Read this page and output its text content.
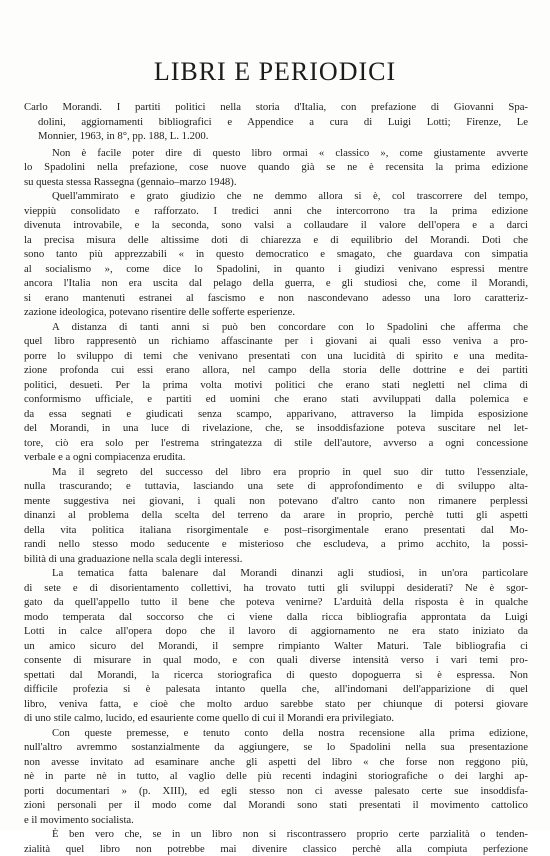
LIBRI E PERIODICI
Carlo Morandi. I partiti politici nella storia d'Italia, con prefazione di Giovanni Spa-
dolini, aggiornamenti bibliografici e Appendice a cura di Luigi Lotti; Firenze, Le
Monnier, 1963, in 8°, pp. 188, L. 1.200.
Non è facile poter dire di questo libro ormai « classico », come giustamente avverte
lo Spadolini nella prefazione, cose nuove quando già se ne è recensita la prima edizione
su questa stessa Rassegna (gennaio–marzo 1948).
Quell'ammirato e grato giudizio che ne demmo allora si è, col trascorrere del tempo,
vieppiù consolidato e rafforzato. I tredici anni che intercorrono tra la prima edizione
divenuta introvabile, e la seconda, sono valsi a collaudare il valore dell'opera e a darci
la precisa misura delle altissime doti di chiarezza e di equilibrio del Morandi. Doti che
sono tanto più apprezzabili « in questo democratico e smagato, che guardava con simpatia
al socialismo », come dice lo Spadolini, in quanto i giudizi venivano espressi mentre
ancora l'Italia non era uscita dal pelago della guerra, e gli studiosi che, come il Morandi,
si erano mantenuti estranei al fascismo e non nascondevano adesso una loro caratteriz-
zazione ideologica, potevano risentire delle sofferte esperienze.
A distanza di tanti anni si può ben concordare con lo Spadolini che afferma che
quel libro rappresentò un richiamo affascinante per i giovani ai quali esso veniva a pro-
porre lo sviluppo di temi che venivano presentati con una lucidità di spirito e una medita-
zione profonda cui essi erano allora, nel campo della storia delle dottrine e dei partiti
politici, desueti. Per la prima volta motivi politici che erano stati negletti nel clima di
conformismo ufficiale, e partiti ed uomini che erano stati avviluppati dalla polemica e
da essa segnati e giudicati senza scampo, apparivano, attraverso la limpida esposizione
del Morandi, in una luce di rivelazione, che, se insoddisfazione poteva suscitare nel let-
tore, ciò era solo per l'estrema stringatezza di stile dell'autore, avverso a ogni concessione
verbale e a ogni compiacenza erudita.
Ma il segreto del successo del libro era proprio in quel suo dir tutto l'essenziale,
nulla trascurando; e tuttavia, lasciando una sete di approfondimento e di sviluppo alta-
mente suggestiva nei giovani, i quali non potevano d'altro canto non rimanere perplessi
dinanzi al problema della scelta del terreno da arare in proprio, perchè tutti gli aspetti
della vita politica italiana risorgimentale e post–risorgimentale erano presentati dal Mo-
randi nello stesso modo seducente e misterioso che escludeva, a primo acchito, la possi-
bilità di una graduazione nella scala degli interessi.
La tematica fatta balenare dal Morandi dinanzi agli studiosi, in un'ora particolare
di sete e di disorientamento collettivi, ha trovato tutti gli sviluppi desiderati? Ne è sgor-
gato da quell'appello tutto il bene che poteva venirne? L'arduità della risposta è in qualche
modo temperata dal soccorso che ci viene dalla ricca bibliografia approntata da Luigi
Lotti in calce all'opera dopo che il lavoro di aggiornamento ne era stato iniziato da
un amico sicuro del Morandi, il sempre rimpianto Walter Maturi. Tale bibliografia ci
consente di misurare in qual modo, e con quali diverse intensità verso i vari temi pro-
spettati dal Morandi, la ricerca storiografica di questo dopoguerra si è espressa. Non
difficile profezia si è palesata intanto quella che, all'indomani dell'apparizione di quel
libro, veniva fatta, e cioè che molto arduo sarebbe stato per chiunque di potersi giovare
di uno stile calmo, lucido, ed esauriente come quello di cui il Morandi era privilegiato.
Con queste premesse, e tenuto conto della nostra recensione alla prima edizione,
null'altro avremmo sostanzialmente da aggiungere, se lo Spadolini nella sua presentazione
non avesse invitato ad esaminare anche gli aspetti del libro « che forse non reggono più,
nè in parte nè in tutto, al vaglio delle più recenti indagini storiografiche o dei larghi ap-
porti documentari » (p. XIII), ed egli stesso non ci avesse palesato certe sue insoddisfa-
zioni personali per il modo come dal Morandi sono stati presentati il movimento cattolico
e il movimento socialista.
È ben vero che, se in un libro non si riscontrassero proprio certe parzialità o tenden-
zialità quel libro non potrebbe mai divenire classico perchè alla compiuta perfezione
